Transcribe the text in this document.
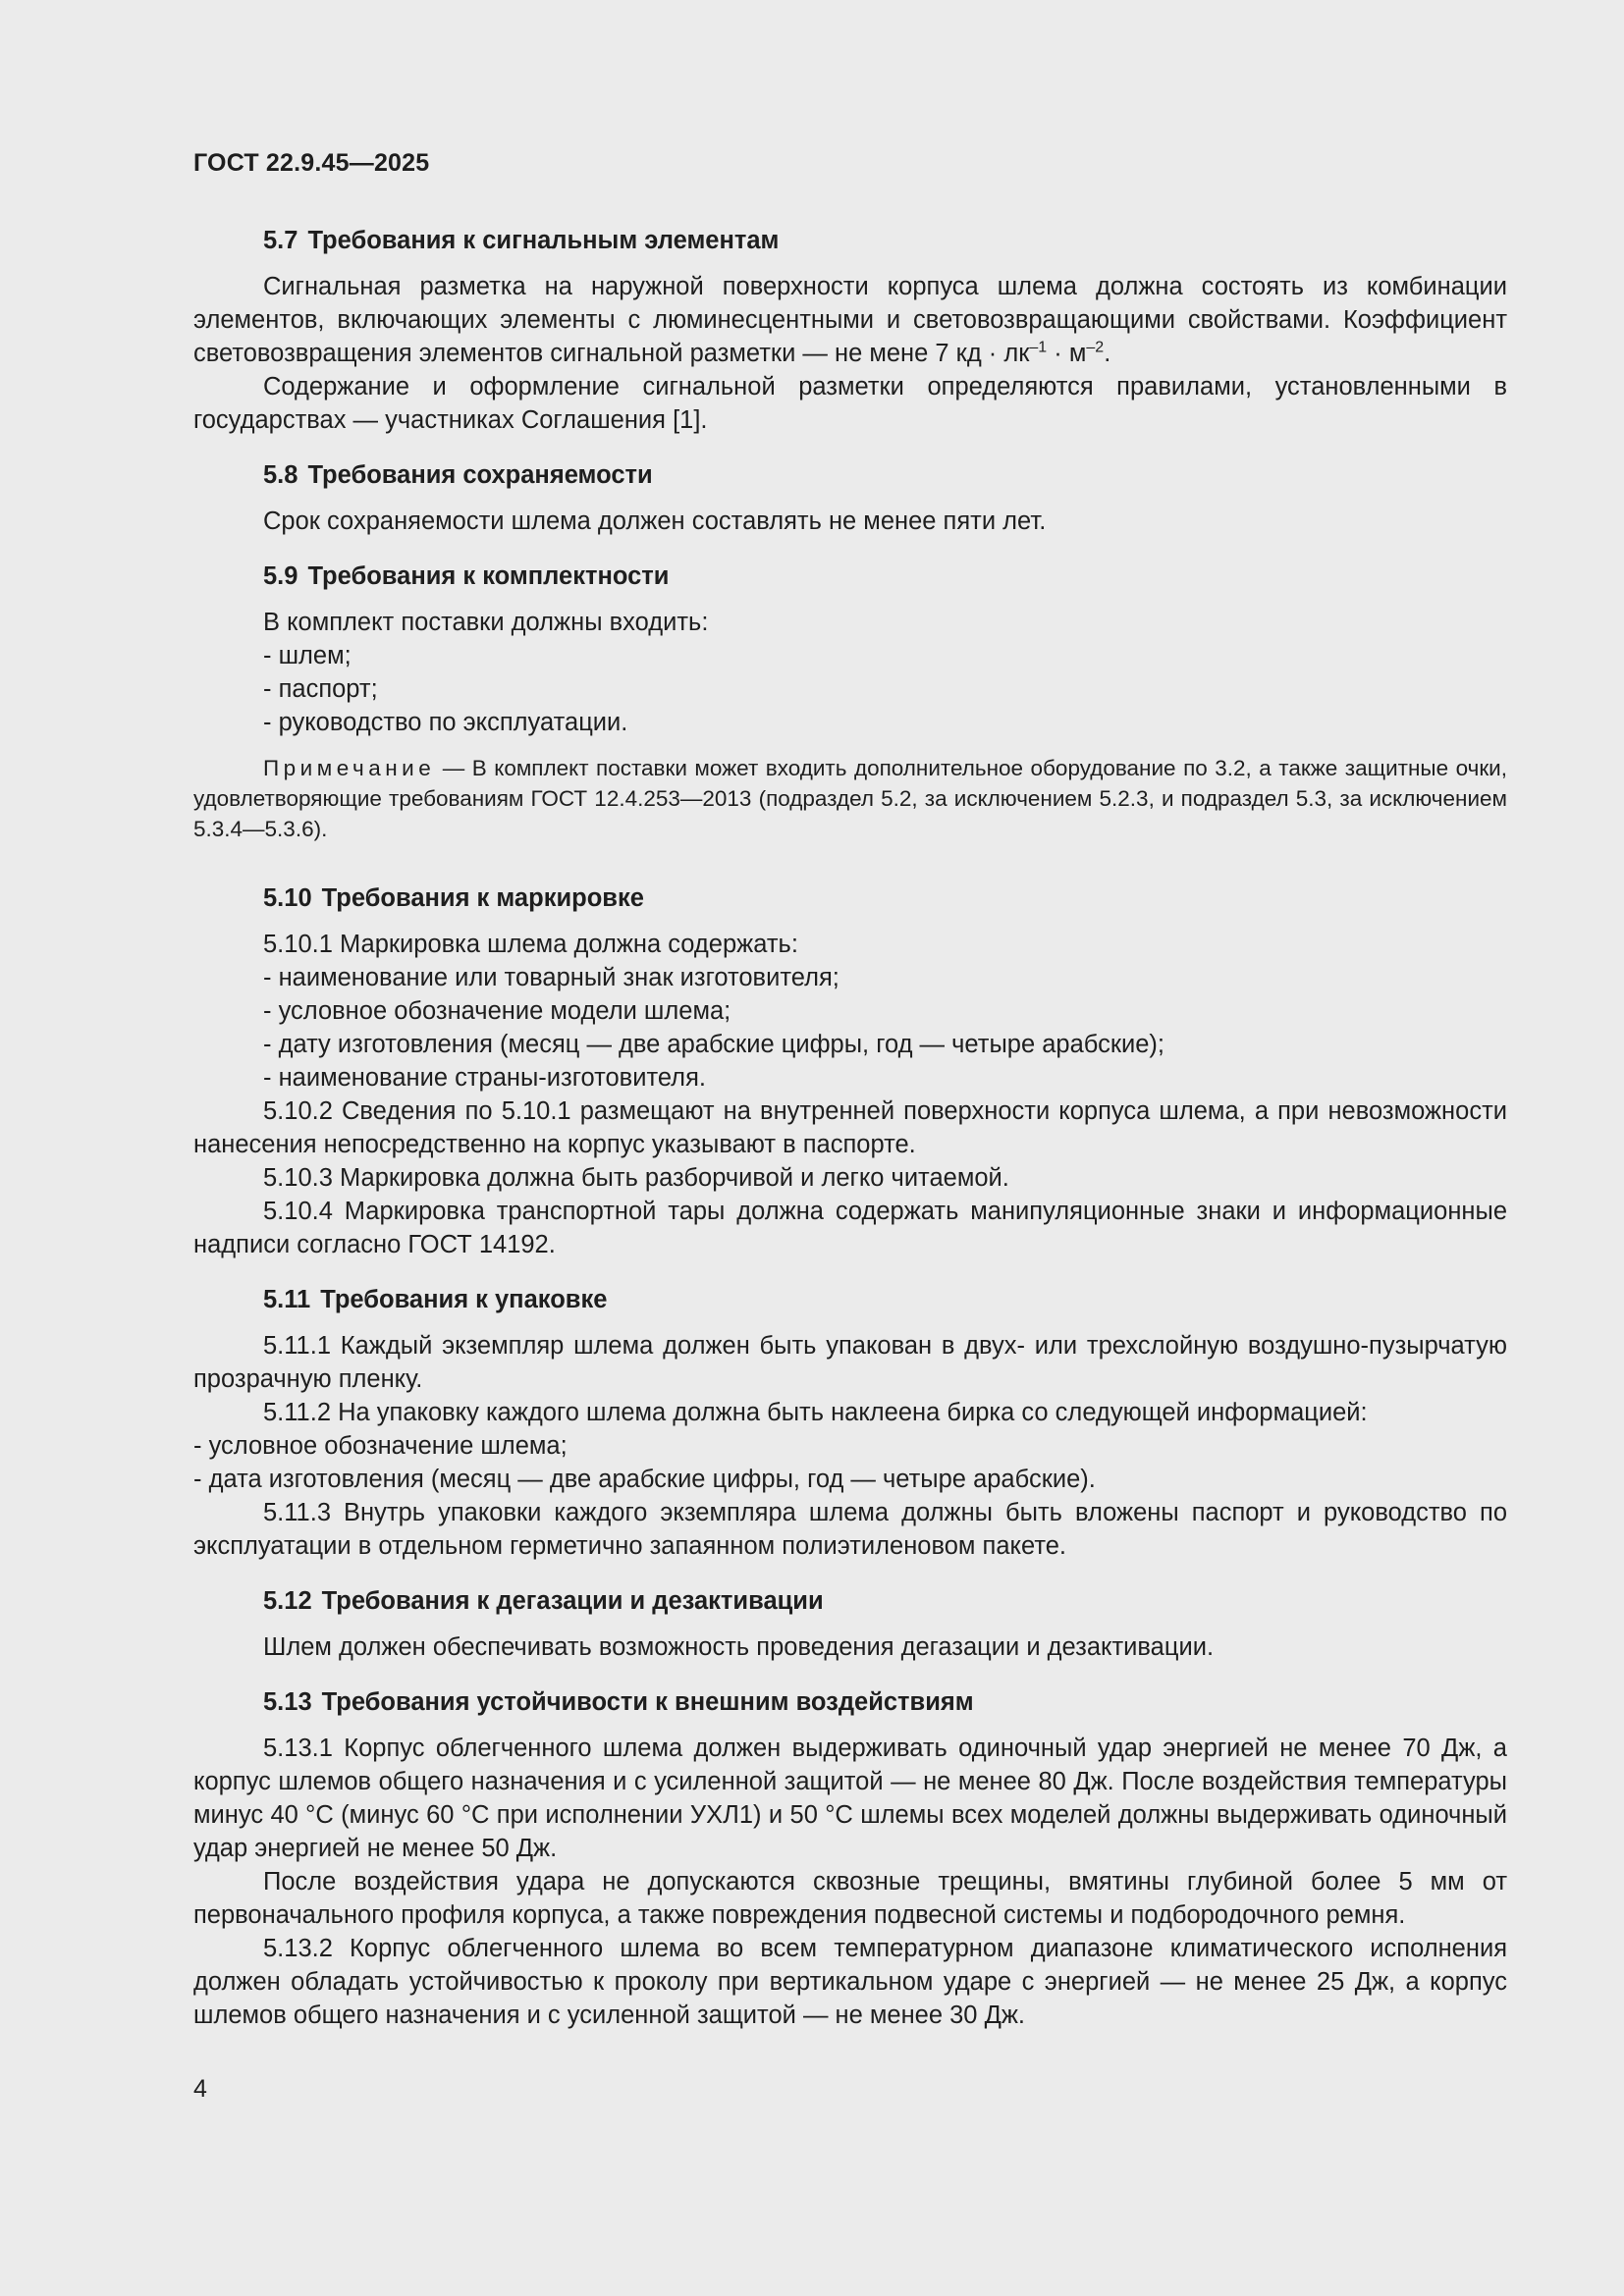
ГОСТ 22.9.45—2025
5.7 Требования к сигнальным элементам

Сигнальная разметка на наружной поверхности корпуса шлема должна состоять из комбинации элементов, включающих элементы с люминесцентными и световозвращающими свойствами. Коэффициент световозвращения элементов сигнальной разметки — не мене 7 кд · $лк^{-1} \cdot м^{-2}$.

Содержание и оформление сигнальной разметки определяются правилами, установленными в государствах — участниках Соглашения [1].

5.8 Требования сохраняемости

Срок сохраняемости шлема должен составлять не менее пяти лет.

5.9 Требования к комплектности
В комплект поставки должны входить:
- шлем;
- паспорт;
- руководство по эксплуатации.
Примечание — В комплект поставки может входить дополнительное оборудование по 3.2, а также защитные очки, удовлетворяющие требованиям ГОСТ 12.4.253—2013 (подраздел 5.2, за исключением 5.2.3, и подраздел 5.3, за исключением 5.3.4—5.3.6).
5.10 Требования к маркировке
5.10.1 Маркировка шлема должна содержать:
- наименование или товарный знак изготовителя;
- условное обозначение модели шлема;
- дату изготовления (месяц — две арабские цифры, год — четыре арабские);
- наименование страны-изготовителя.

5.10.2 Сведения по 5.10.1 размещают на внутренней поверхности корпуса шлема, а при невозможности нанесения непосредственно на корпус указывают в паспорте.

5.10.3 Маркировка должна быть разборчивой и легко читаемой.

5.10.4 Маркировка транспортной тары должна содержать манипуляционные знаки и информационные надписи согласно ГОСТ 14192.

5.11 Требования к упаковке

5.11.1 Каждый экземпляр шлема должен быть упакован в двух- или трехслойную воздушно-пузырчатую прозрачную пленку.

5.11.2 На упаковку каждого шлема должна быть наклеена бирка со следующей информацией:

- условное обозначение шлема;
- дата изготовления (месяц — две арабские цифры, год — четыре арабские).

5.11.3 Внутрь упаковки каждого экземпляра шлема должны быть вложены паспорт и руководство по эксплуатации в отдельном герметично запаянном полиэтиленовом пакете.

5.12 Требования к дегазации и дезактивации

Шлем должен обеспечивать возможность проведения дегазации и дезактивации.

5.13 Требования устойчивости к внешним воздействиям

5.13.1 Корпус облегченного шлема должен выдерживать одиночный удар энергией не менее 70 Дж, а корпус шлемов общего назначения и с усиленной защитой — не менее 80 Дж. После воздействия температуры минус 40 °С (минус 60 °С при исполнении УХЛ1) и 50 °С шлемы всех моделей должны выдерживать одиночный удар энергией не менее 50 Дж.

После воздействия удара не допускаются сквозные трещины, вмятины глубиной более 5 мм от первоначального профиля корпуса, а также повреждения подвесной системы и подбородочного ремня.

5.13.2 Корпус облегченного шлема во всем температурном диапазоне климатического исполнения должен обладать устойчивостью к проколу при вертикальном ударе с энергией — не менее 25 Дж, а корпус шлемов общего назначения и с усиленной защитой — не менее 30 Дж.

4
